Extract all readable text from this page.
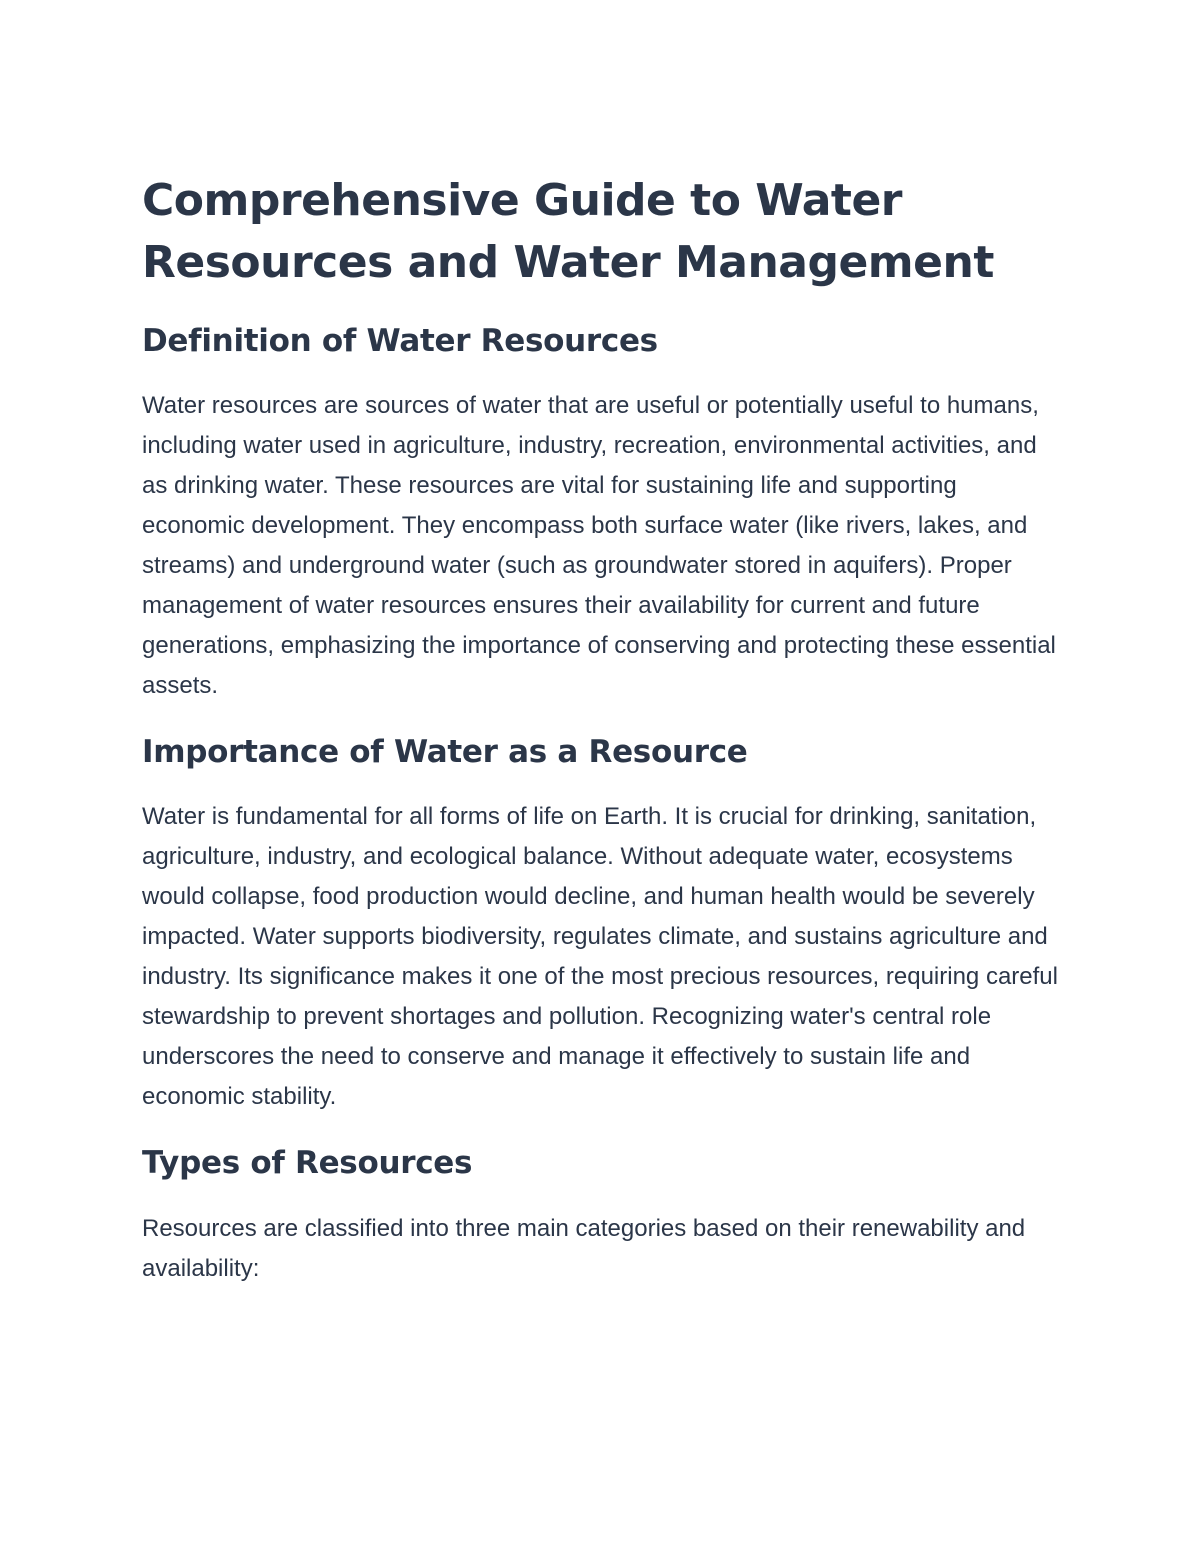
Comprehensive Guide to Water Resources and Water Management
Definition of Water Resources

Water resources are sources of water that are useful or potentially useful to humans, including water used in agriculture, industry, recreation, environmental activities, and as drinking water. These resources are vital for sustaining life and supporting economic development. They encompass both surface water (like rivers, lakes, and streams) and underground water (such as groundwater stored in aquifers). Proper management of water resources ensures their availability for current and future generations, emphasizing the importance of conserving and protecting these essential assets.

Importance of Water as a Resource

Water is fundamental for all forms of life on Earth. It is crucial for drinking, sanitation, agriculture, industry, and ecological balance. Without adequate water, ecosystems would collapse, food production would decline, and human health would be severely impacted. Water supports biodiversity, regulates climate, and sustains agriculture and industry. Its significance makes it one of the most precious resources, requiring careful stewardship to prevent shortages and pollution. Recognizing water's central role underscores the need to conserve and manage it effectively to sustain life and economic stability.

Types of Resources

Resources are classified into three main categories based on their renewability and availability:
